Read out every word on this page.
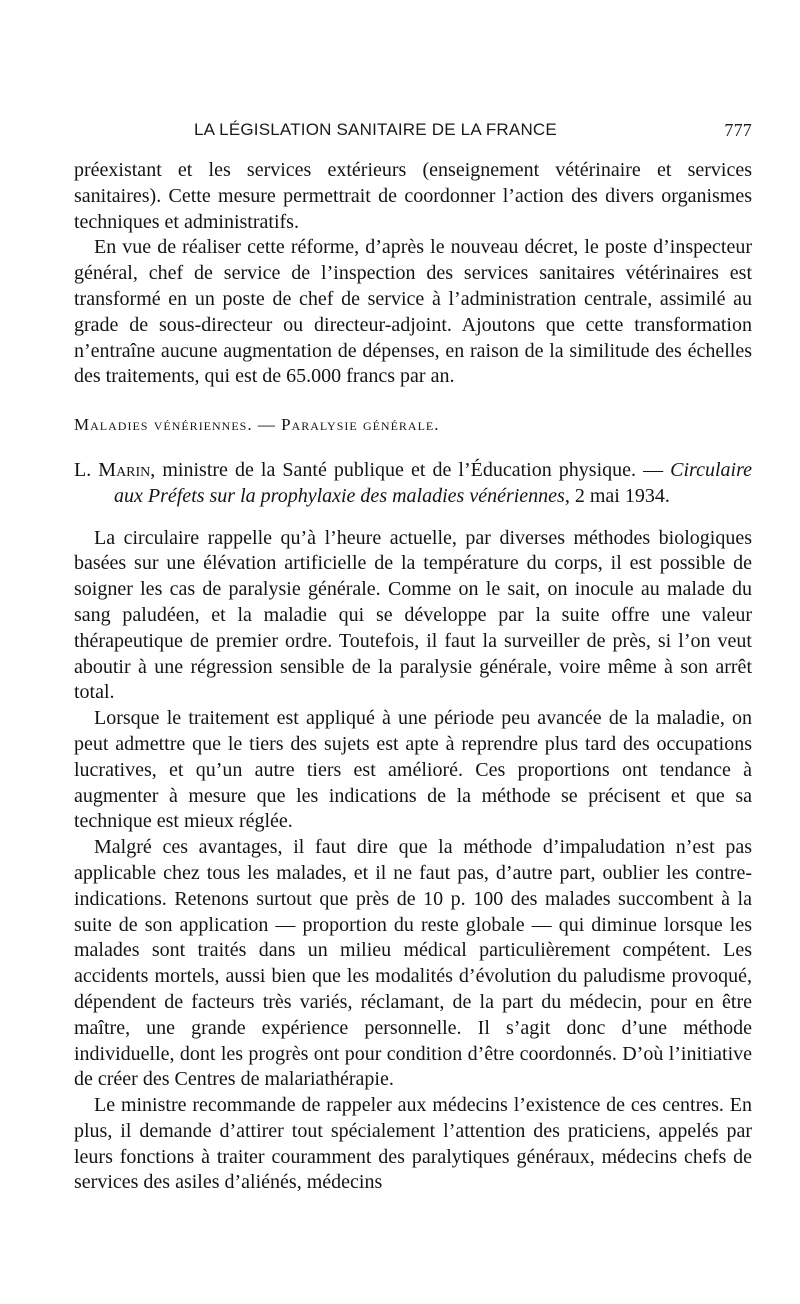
LA LÉGISLATION SANITAIRE DE LA FRANCE	777

préexistant et les services extérieurs (enseignement vétérinaire et services sanitaires). Cette mesure permettrait de coordonner l’action des divers organismes techniques et administratifs.

En vue de réaliser cette réforme, d’après le nouveau décret, le poste d’inspecteur général, chef de service de l’inspection des services sanitaires vétérinaires est transformé en un poste de chef de service à l’administration centrale, assimilé au grade de sous-directeur ou directeur-adjoint. Ajoutons que cette transformation n’entraîne aucune augmentation de dépenses, en raison de la similitude des échelles des traitements, qui est de 65.000 francs par an.

Maladies vénériennes. — Paralysie générale.

L. Marin, ministre de la Santé publique et de l’Éducation physique. — Circulaire aux Préfets sur la prophylaxie des maladies vénériennes, 2 mai 1934.

La circulaire rappelle qu’à l’heure actuelle, par diverses méthodes biologiques basées sur une élévation artificielle de la température du corps, il est possible de soigner les cas de paralysie générale. Comme on le sait, on inocule au malade du sang paludéen, et la maladie qui se développe par la suite offre une valeur thérapeutique de premier ordre. Toutefois, il faut la surveiller de près, si l’on veut aboutir à une régression sensible de la paralysie générale, voire même à son arrêt total.

Lorsque le traitement est appliqué à une période peu avancée de la maladie, on peut admettre que le tiers des sujets est apte à reprendre plus tard des occupations lucratives, et qu’un autre tiers est amélioré. Ces proportions ont tendance à augmenter à mesure que les indications de la méthode se précisent et que sa technique est mieux réglée.

Malgré ces avantages, il faut dire que la méthode d’impaludation n’est pas applicable chez tous les malades, et il ne faut pas, d’autre part, oublier les contre-indications. Retenons surtout que près de 10 p. 100 des malades succombent à la suite de son application — proportion du reste globale — qui diminue lorsque les malades sont traités dans un milieu médical particulièrement compétent. Les accidents mortels, aussi bien que les modalités d’évolution du paludisme provoqué, dépendent de facteurs très variés, réclamant, de la part du médecin, pour en être maître, une grande expérience personnelle. Il s’agit donc d’une méthode individuelle, dont les progrès ont pour condition d’être coordonnés. D’où l’initiative de créer des Centres de malariathérapie.

Le ministre recommande de rappeler aux médecins l’existence de ces centres. En plus, il demande d’attirer tout spécialement l’attention des praticiens, appelés par leurs fonctions à traiter couramment des paralytiques généraux, médecins chefs de services des asiles d’aliénés, médecins
